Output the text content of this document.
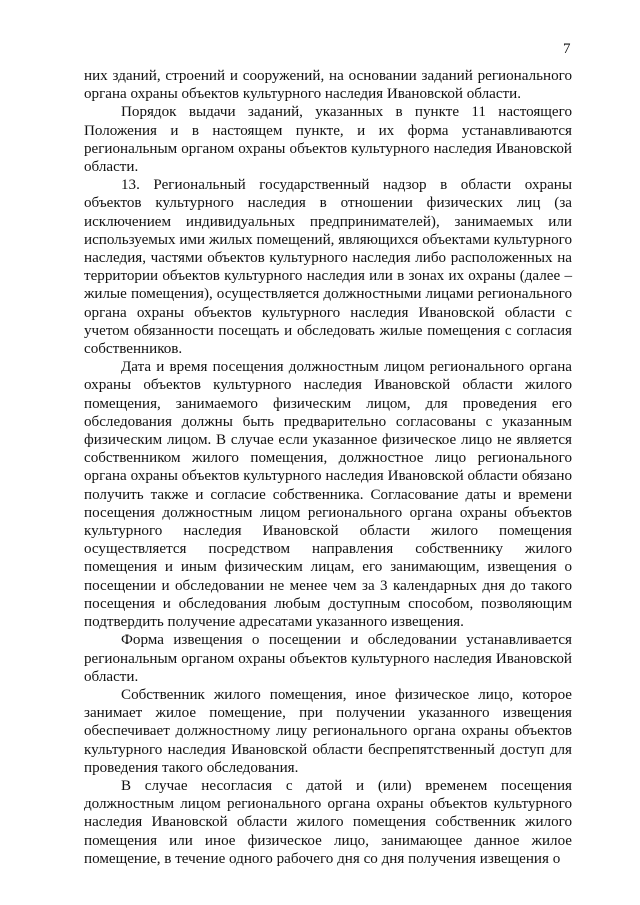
7

них зданий, строений и сооружений, на основании заданий регионального органа охраны объектов культурного наследия Ивановской области.

Порядок выдачи заданий, указанных в пункте 11 настоящего Положения и в настоящем пункте, и их форма устанавливаются региональным органом охраны объектов культурного наследия Ивановской области.

13. Региональный государственный надзор в области охраны объектов культурного наследия в отношении физических лиц (за исключением индивидуальных предпринимателей), занимаемых или используемых ими жилых помещений, являющихся объектами культурного наследия, частями объектов культурного наследия либо расположенных на территории объектов культурного наследия или в зонах их охраны (далее – жилые помещения), осуществляется должностными лицами регионального органа охраны объектов культурного наследия Ивановской области с учетом обязанности посещать и обследовать жилые помещения с согласия собственников.

Дата и время посещения должностным лицом регионального органа охраны объектов культурного наследия Ивановской области жилого помещения, занимаемого физическим лицом, для проведения его обследования должны быть предварительно согласованы с указанным физическим лицом. В случае если указанное физическое лицо не является собственником жилого помещения, должностное лицо регионального органа охраны объектов культурного наследия Ивановской области обязано получить также и согласие собственника. Согласование даты и времени посещения должностным лицом регионального органа охраны объектов культурного наследия Ивановской области жилого помещения осуществляется посредством направления собственнику жилого помещения и иным физическим лицам, его занимающим, извещения о посещении и обследовании не менее чем за 3 календарных дня до такого посещения и обследования любым доступным способом, позволяющим подтвердить получение адресатами указанного извещения.

Форма извещения о посещении и обследовании устанавливается региональным органом охраны объектов культурного наследия Ивановской области.

Собственник жилого помещения, иное физическое лицо, которое занимает жилое помещение, при получении указанного извещения обеспечивает должностному лицу регионального органа охраны объектов культурного наследия Ивановской области беспрепятственный доступ для проведения такого обследования.

В случае несогласия с датой и (или) временем посещения должностным лицом регионального органа охраны объектов культурного наследия Ивановской области жилого помещения собственник жилого помещения или иное физическое лицо, занимающее данное жилое помещение, в течение одного рабочего дня со дня получения извещения о
